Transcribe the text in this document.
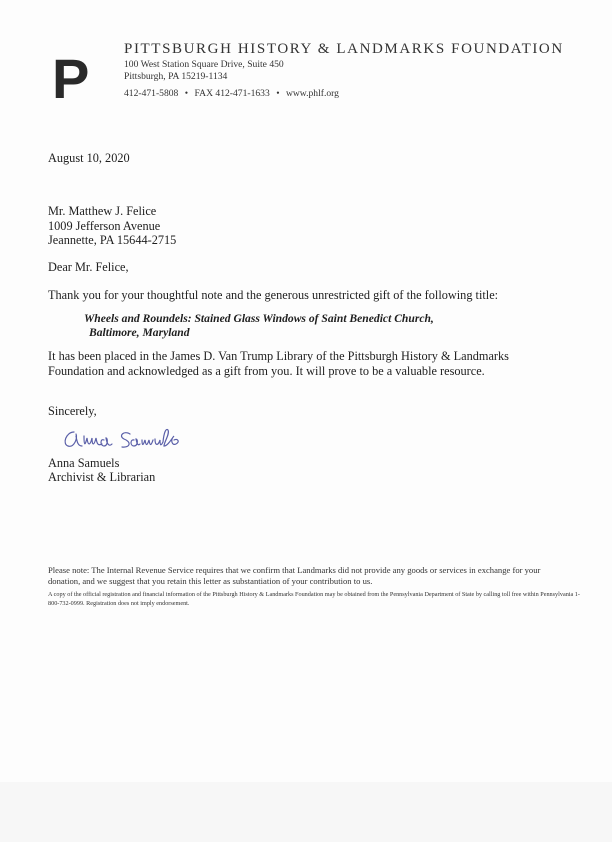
P PITTSBURGH HISTORY & LANDMARKS FOUNDATION
100 West Station Square Drive, Suite 450
Pittsburgh, PA 15219-1134
412-471-5808 • FAX 412-471-1633 • www.phlf.org
August 10, 2020
Mr. Matthew J. Felice
1009 Jefferson Avenue
Jeannette, PA 15644-2715
Dear Mr. Felice,
Thank you for your thoughtful note and the generous unrestricted gift of the following title:
Wheels and Roundels: Stained Glass Windows of Saint Benedict Church,
Baltimore, Maryland
It has been placed in the James D. Van Trump Library of the Pittsburgh History & Landmarks
Foundation and acknowledged as a gift from you. It will prove to be a valuable resource.
Sincerely,
Anna Samuels
Archivist & Librarian
Please note: The Internal Revenue Service requires that we confirm that Landmarks did not provide any goods or services in exchange for your donation, and we suggest that you retain this letter as substantiation of your contribution to us.
A copy of the official registration and financial information of the Pittsburgh History & Landmarks Foundation may be obtained from the Pennsylvania Department of State by calling toll free within Pennsylvania 1-800-732-0999. Registration does not imply endorsement.
